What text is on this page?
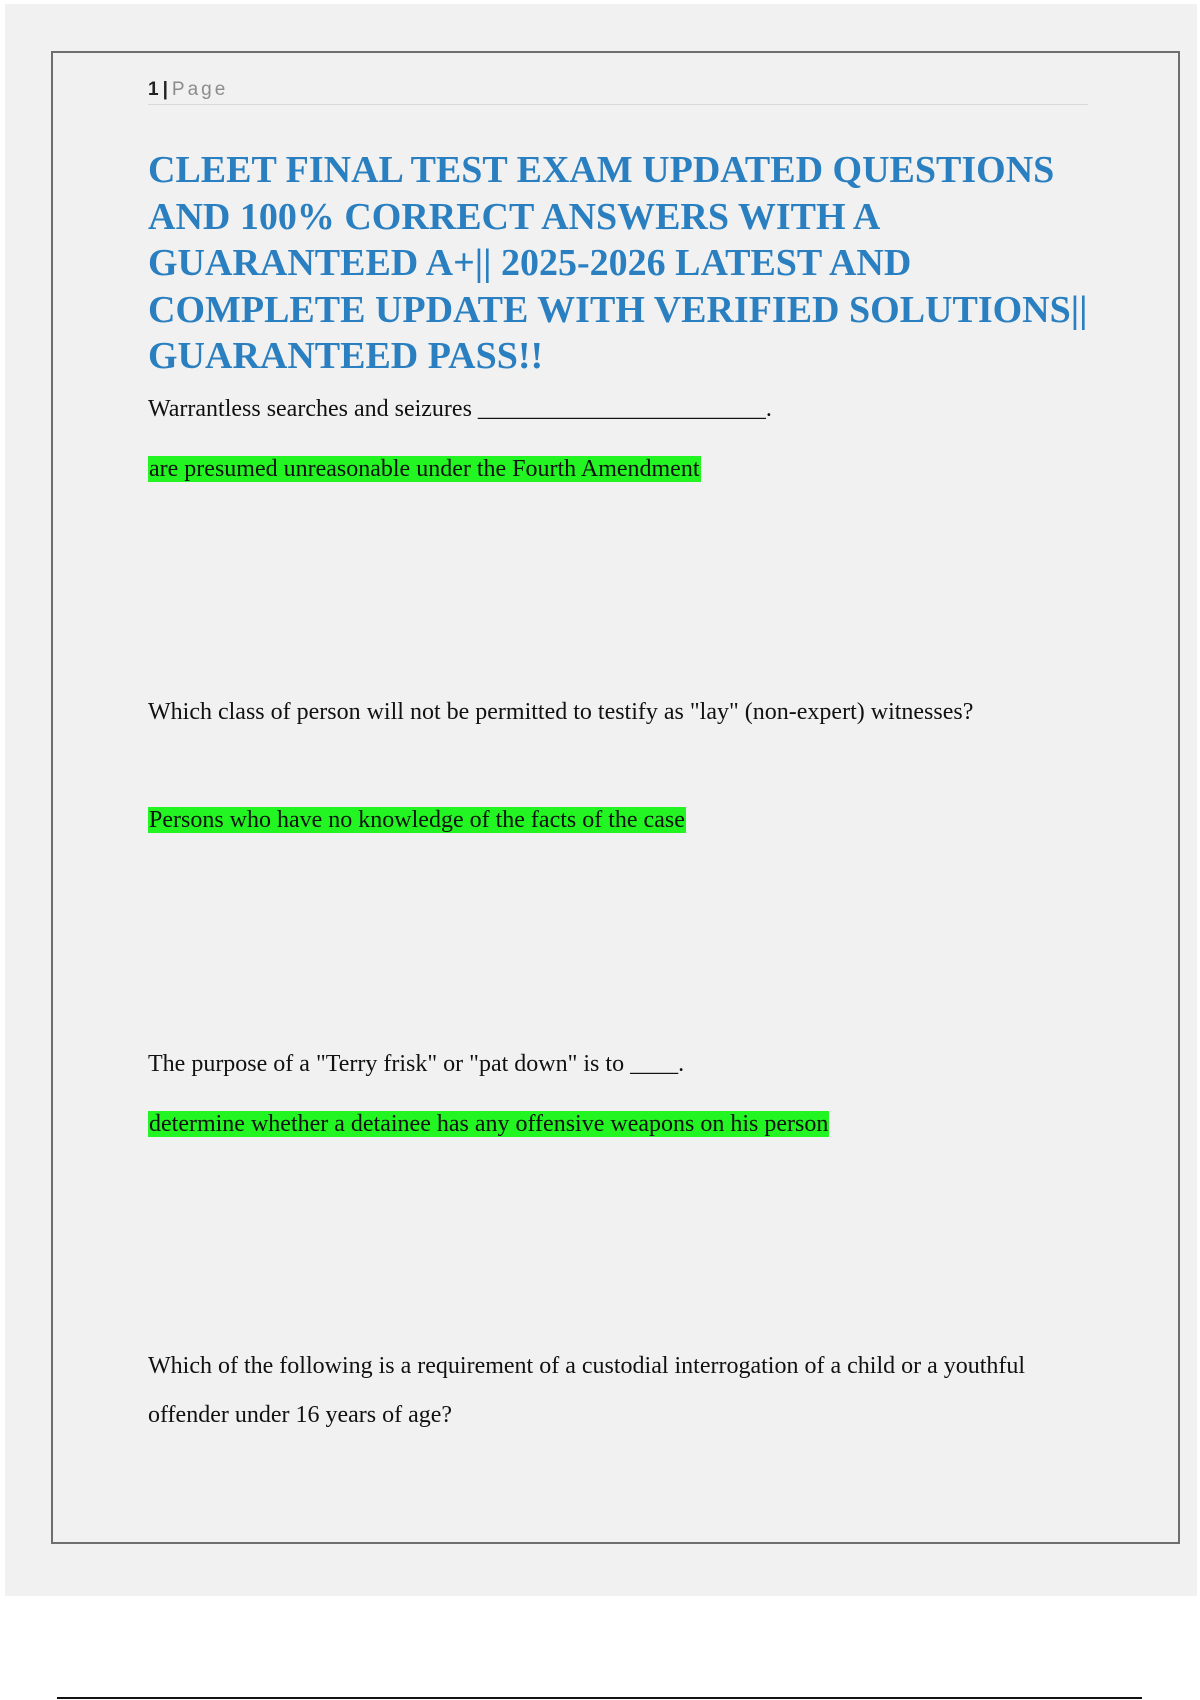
1 | Page
CLEET FINAL TEST EXAM UPDATED QUESTIONS AND 100% CORRECT ANSWERS WITH A GUARANTEED A+|| 2025-2026 LATEST AND COMPLETE UPDATE WITH VERIFIED SOLUTIONS|| GUARANTEED PASS!!

Warrantless searches and seizures ________________________.

are presumed unreasonable under the Fourth Amendment

Which class of person will not be permitted to testify as "lay" (non-expert) witnesses?

Persons who have no knowledge of the facts of the case

The purpose of a "Terry frisk" or "pat down" is to ____.

determine whether a detainee has any offensive weapons on his person

Which of the following is a requirement of a custodial interrogation of a child or a youthful offender under 16 years of age?
